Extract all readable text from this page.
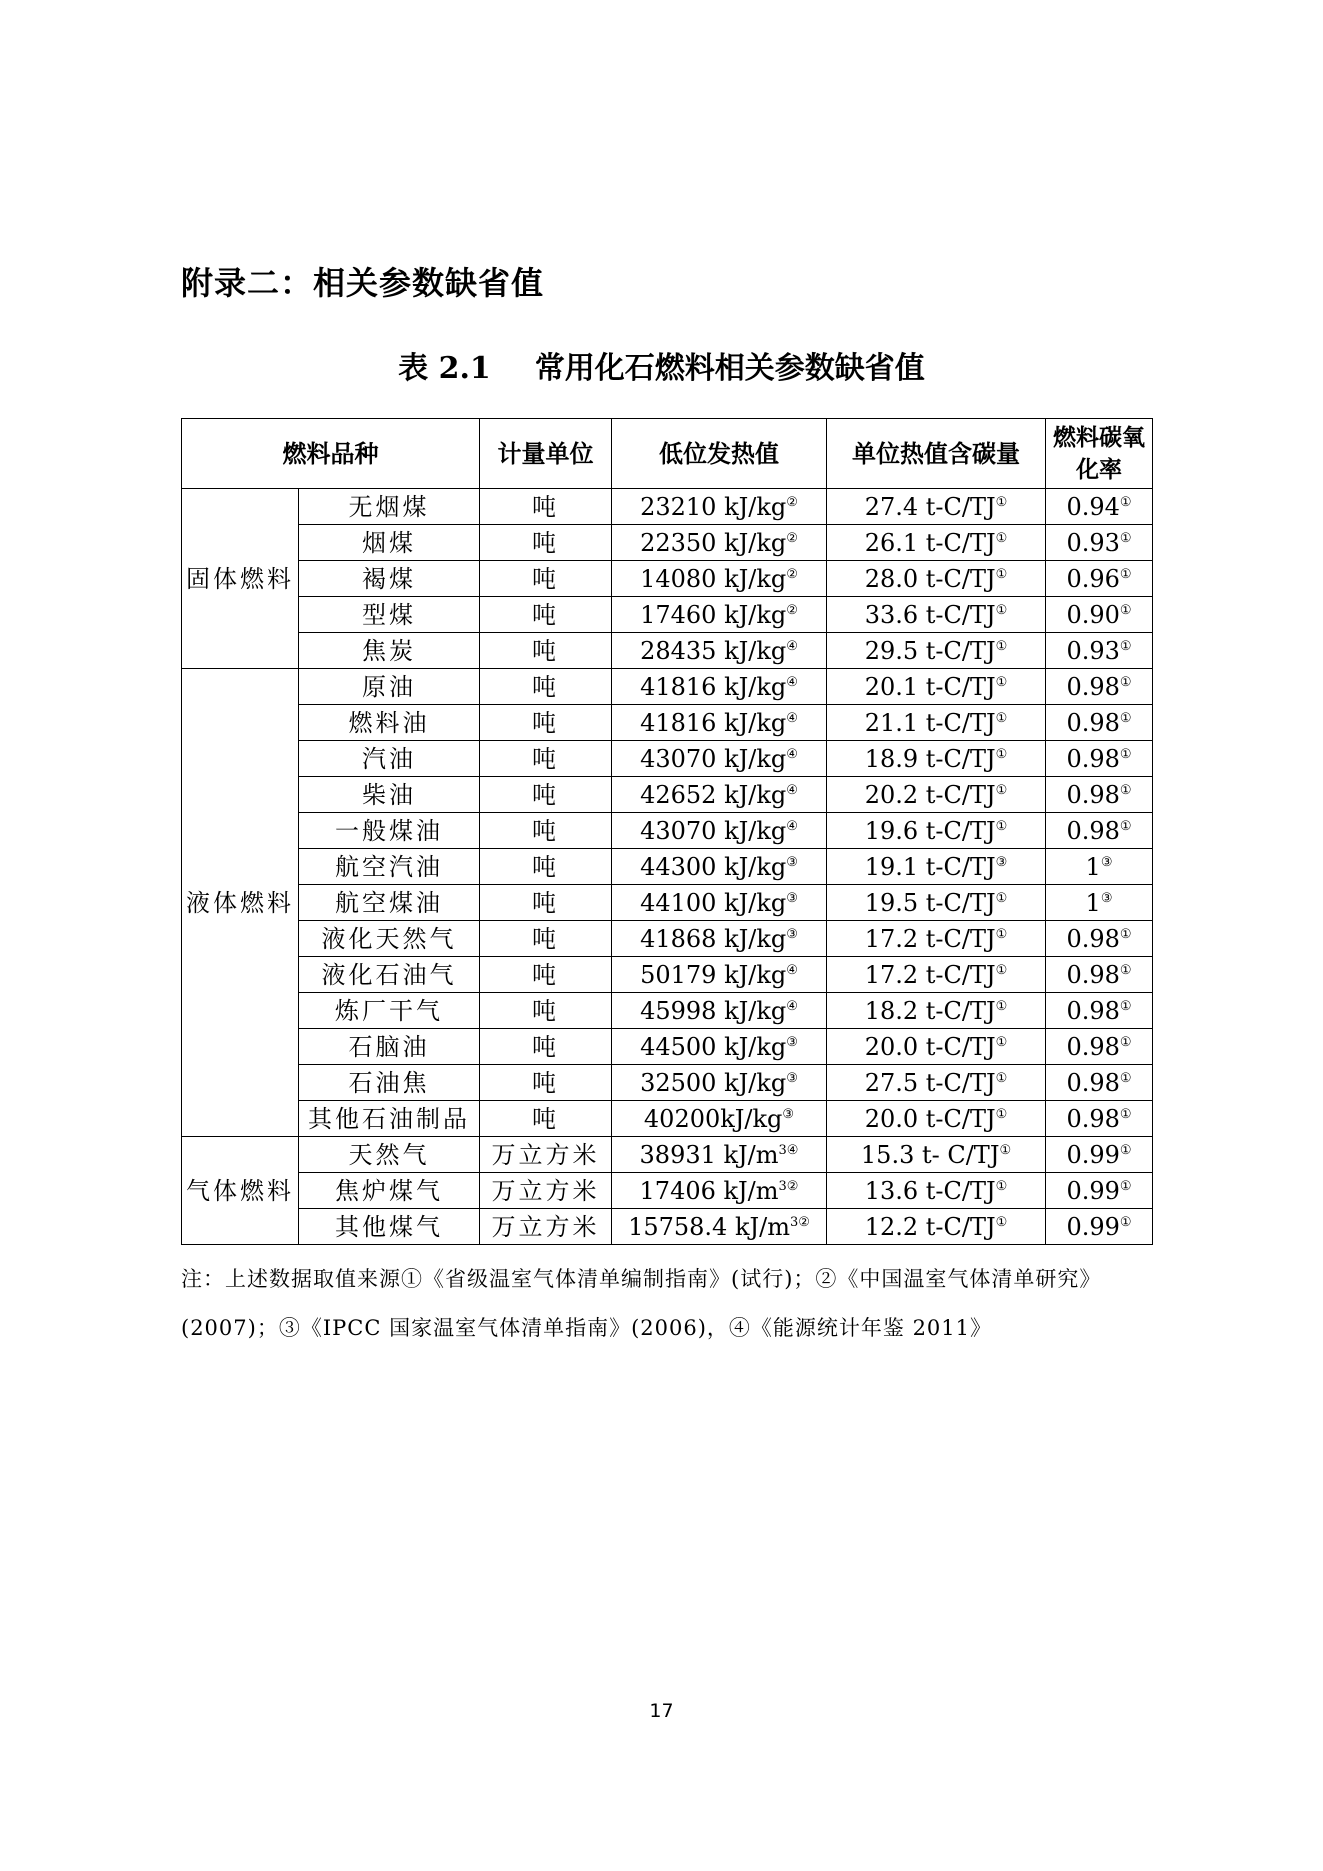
附录二：相关参数缺省值
表 2.1 常用化石燃料相关参数缺省值
燃料品种		计量单位	低位发热值	单位热值含碳量	燃料碳氧化率
固体燃料	无烟煤	吨	23210 kJ/kg②	27.4 t-C/TJ①	0.94①
	烟煤	吨	22350 kJ/kg②	26.1 t-C/TJ①	0.93①
	褐煤	吨	14080 kJ/kg②	28.0 t-C/TJ①	0.96①
	型煤	吨	17460 kJ/kg②	33.6 t-C/TJ①	0.90①
	焦炭	吨	28435 kJ/kg④	29.5 t-C/TJ①	0.93①
液体燃料	原油	吨	41816 kJ/kg④	20.1 t-C/TJ①	0.98①
	燃料油	吨	41816 kJ/kg④	21.1 t-C/TJ①	0.98①
	汽油	吨	43070 kJ/kg④	18.9 t-C/TJ①	0.98①
	柴油	吨	42652 kJ/kg④	20.2 t-C/TJ①	0.98①
	一般煤油	吨	43070 kJ/kg④	19.6 t-C/TJ①	0.98①
	航空汽油	吨	44300 kJ/kg③	19.1 t-C/TJ③	1③
	航空煤油	吨	44100 kJ/kg③	19.5 t-C/TJ①	1③
	液化天然气	吨	41868 kJ/kg③	17.2 t-C/TJ①	0.98①
	液化石油气	吨	50179 kJ/kg④	17.2 t-C/TJ①	0.98①
	炼厂干气	吨	45998 kJ/kg④	18.2 t-C/TJ①	0.98①
	石脑油	吨	44500 kJ/kg③	20.0 t-C/TJ①	0.98①
	石油焦	吨	32500 kJ/kg③	27.5 t-C/TJ①	0.98①
	其他石油制品	吨	40200kJ/kg③	20.0 t-C/TJ①	0.98①
气体燃料	天然气	万立方米	38931 $kJ/m^{3④}$	15.3 t- C/TJ①	0.99①
	焦炉煤气	万立方米	17406 $kJ/m^{3②}$	13.6 t-C/TJ①	0.99①
	其他煤气	万立方米	15758.4 $kJ/m^{3②}$	12.2 t-C/TJ①	0.99①
注：上述数据取值来源①《省级温室气体清单编制指南》(试行)；②《中国温室气体清单研究》(2007)；③《IPCC 国家温室气体清单指南》(2006)，④《能源统计年鉴 2011》
17
